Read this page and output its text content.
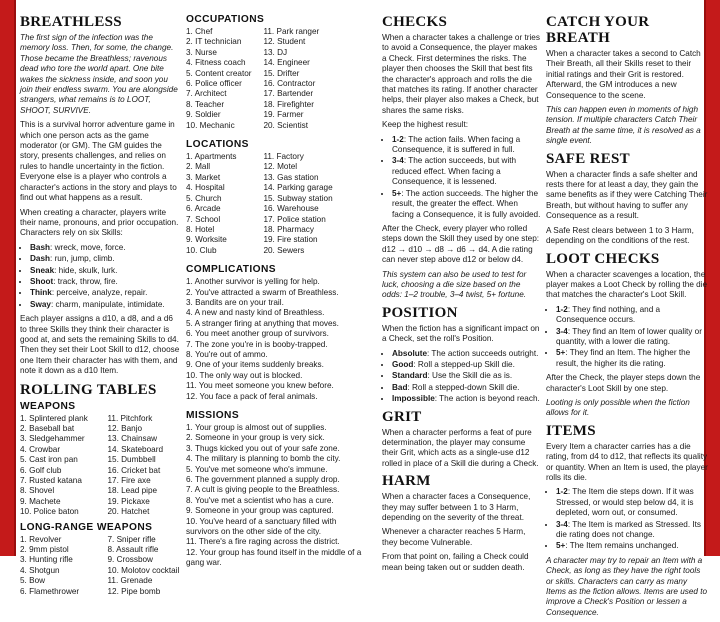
BREATHLESS

The first sign of the infection was the memory loss. Then, for some, the change. Those became the Breathless; ravenous dead who tore the world apart. One bite wakes the sickness inside, and soon you join their endless swarm. You are alongside strangers, what remains is to LOOT, SHOOT, SURVIVE.

This is a survival horror adventure game in which one person acts as the game moderator (or GM). The GM guides the story, presents challenges, and relies on rules to handle uncertainty in the fiction. Everyone else is a player who controls a character's actions in the story and plays to find out what happens as a result.

When creating a character, players write their name, pronouns, and prior occupation. Characters rely on six Skills:

• Bash: wreck, move, force.
• Dash: run, jump, climb.
• Sneak: hide, skulk, lurk.
• Shoot: track, throw, fire.
• Think: perceive, analyze, repair.
• Sway: charm, manipulate, intimidate.

Each player assigns a d10, a d8, and a d6 to three Skills they think their character is good at, and sets the remaining Skills to d4. Then they set their Loot Skill to d12, choose one Item their character has with them, and note it down as a d10 Item.

ROLLING TABLES
WEAPONS
1. Splintered plank
2. Baseball bat
3. Sledgehammer
4. Crowbar
5. Cast iron pan
6. Golf club
7. Rusted katana
8. Shovel
9. Machete
10. Police baton
11. Pitchfork
12. Banjo
13. Chainsaw
14. Skateboard
15. Dumbbell
16. Cricket bat
17. Fire axe
18. Lead pipe
19. Pickaxe
20. Hatchet
LONG-RANGE WEAPONS
1. Revolver
2. 9mm pistol
3. Hunting rifle
4. Shotgun
5. Bow
6. Flamethrower
7. Sniper rifle
8. Assault rifle
9. Crossbow
10. Molotov cocktail
11. Grenade
12. Pipe bomb
OCCUPATIONS
1. Chef
2. IT technician
3. Nurse
4. Fitness coach
5. Content creator
6. Police officer
7. Architect
8. Teacher
9. Soldier
10. Mechanic
11. Park ranger
12. Student
13. DJ
14. Engineer
15. Drifter
16. Contractor
17. Bartender
18. Firefighter
19. Farmer
20. Scientist
LOCATIONS
1. Apartments
2. Mall
3. Market
4. Hospital
5. Church
6. Arcade
7. School
8. Hotel
9. Worksite
10. Club
11. Factory
12. Motel
13. Gas station
14. Parking garage
15. Subway station
16. Warehouse
17. Police station
18. Pharmacy
19. Fire station
20. Sewers
COMPLICATIONS
1. Another survivor is yelling for help.
2. You've attracted a swarm of Breathless.
3. Bandits are on your trail.
4. A new and nasty kind of Breathless.
5. A stranger firing at anything that moves.
6. You meet another group of survivors.
7. The zone you're in is booby-trapped.
8. You're out of ammo.
9. One of your items suddenly breaks.
10. The only way out is blocked.
11. You meet someone you knew before.
12. You face a pack of feral animals.
MISSIONS
1. Your group is almost out of supplies.
2. Someone in your group is very sick.
3. Thugs kicked you out of your safe zone.
4. The military is planning to bomb the city.
5. You've met someone who's immune.
6. The government planned a supply drop.
7. A cult is giving people to the Breathless.
8. You've met a scientist who has a cure.
9. Someone in your group was captured.
10. You've heard of a sanctuary filled with survivors on the other side of the city.
11. There's a fire raging across the district.
12. Your group has found itself in the middle of a gang war.
CHECKS

When a character takes a challenge or tries to avoid a Consequence, the player makes a Check. First determines the risks. The player then chooses the Skill that best fits the character's approach and rolls the die that matches its rating. If another character helps, their player also makes a Check, but shares the same risks.

Keep the highest result:

• 1-2: The action fails. When facing a Consequence, it is suffered in full.
• 3-4: The action succeeds, but with reduced effect. When facing a Consequence, it is lessened.
• 5+: The action succeeds. The higher the result, the greater the effect. When facing a Consequence, it is fully avoided.

After the Check, every player who rolled steps down the Skill they used by one step: d12 → d10 → d8 → d6 → d4. A die rating can never step above d12 or below d4.

This system can also be used to test for luck, choosing a die size based on the odds: 1–2 trouble, 3–4 twist, 5+ fortune.

POSITION

When the fiction has a significant impact on a Check, set the roll's Position.

• Absolute: The action succeeds outright.
• Good: Roll a stepped-up Skill die.
• Standard: Use the Skill die as is.
• Bad: Roll a stepped-down Skill die.
• Impossible: The action is beyond reach.
GRIT

When a character performs a feat of pure determination, the player may consume their Grit, which acts as a single-use d12 rolled in place of a Skill die during a Check.

HARM

When a character faces a Consequence, they may suffer between 1 to 3 Harm, depending on the severity of the threat.

Whenever a character reaches 5 Harm, they become Vulnerable.

From that point on, failing a Check could mean being taken out or sudden death.

CATCH YOUR BREATH

When a character takes a second to Catch Their Breath, all their Skills reset to their initial ratings and their Grit is restored. Afterward, the GM introduces a new Consequence to the scene.

This can happen even in moments of high tension. If multiple characters Catch Their Breath at the same time, it is resolved as a single event.

SAFE REST

When a character finds a safe shelter and rests there for at least a day, they gain the same benefits as if they were Catching Their Breath, but without having to suffer any Consequence as a result.

A Safe Rest clears between 1 to 3 Harm, depending on the conditions of the rest.

LOOT CHECKS

When a character scavenges a location, the player makes a Loot Check by rolling the die that matches the character's Loot Skill.

• 1-2: They find nothing, and a Consequence occurs.
• 3-4: They find an Item of lower quality or quantity, with a lower die rating.
• 5+: They find an Item. The higher the result, the higher its die rating.

After the Check, the player steps down the character's Loot Skill by one step.

Looting is only possible when the fiction allows for it.

ITEMS

Every Item a character carries has a die rating, from d4 to d12, that reflects its quality or quantity. When an Item is used, the player rolls its die.

• 1-2: The Item die steps down. If it was Stressed, or would step below d4, it is depleted, worn out, or consumed.
• 3-4: The Item is marked as Stressed. Its die rating does not change.
• 5+: The Item remains unchanged.

A character may try to repair an Item with a Check, as long as they have the right tools or skills. Characters can carry as many Items as the fiction allows. Items are used to improve a Check's Position or lessen a Consequence.
